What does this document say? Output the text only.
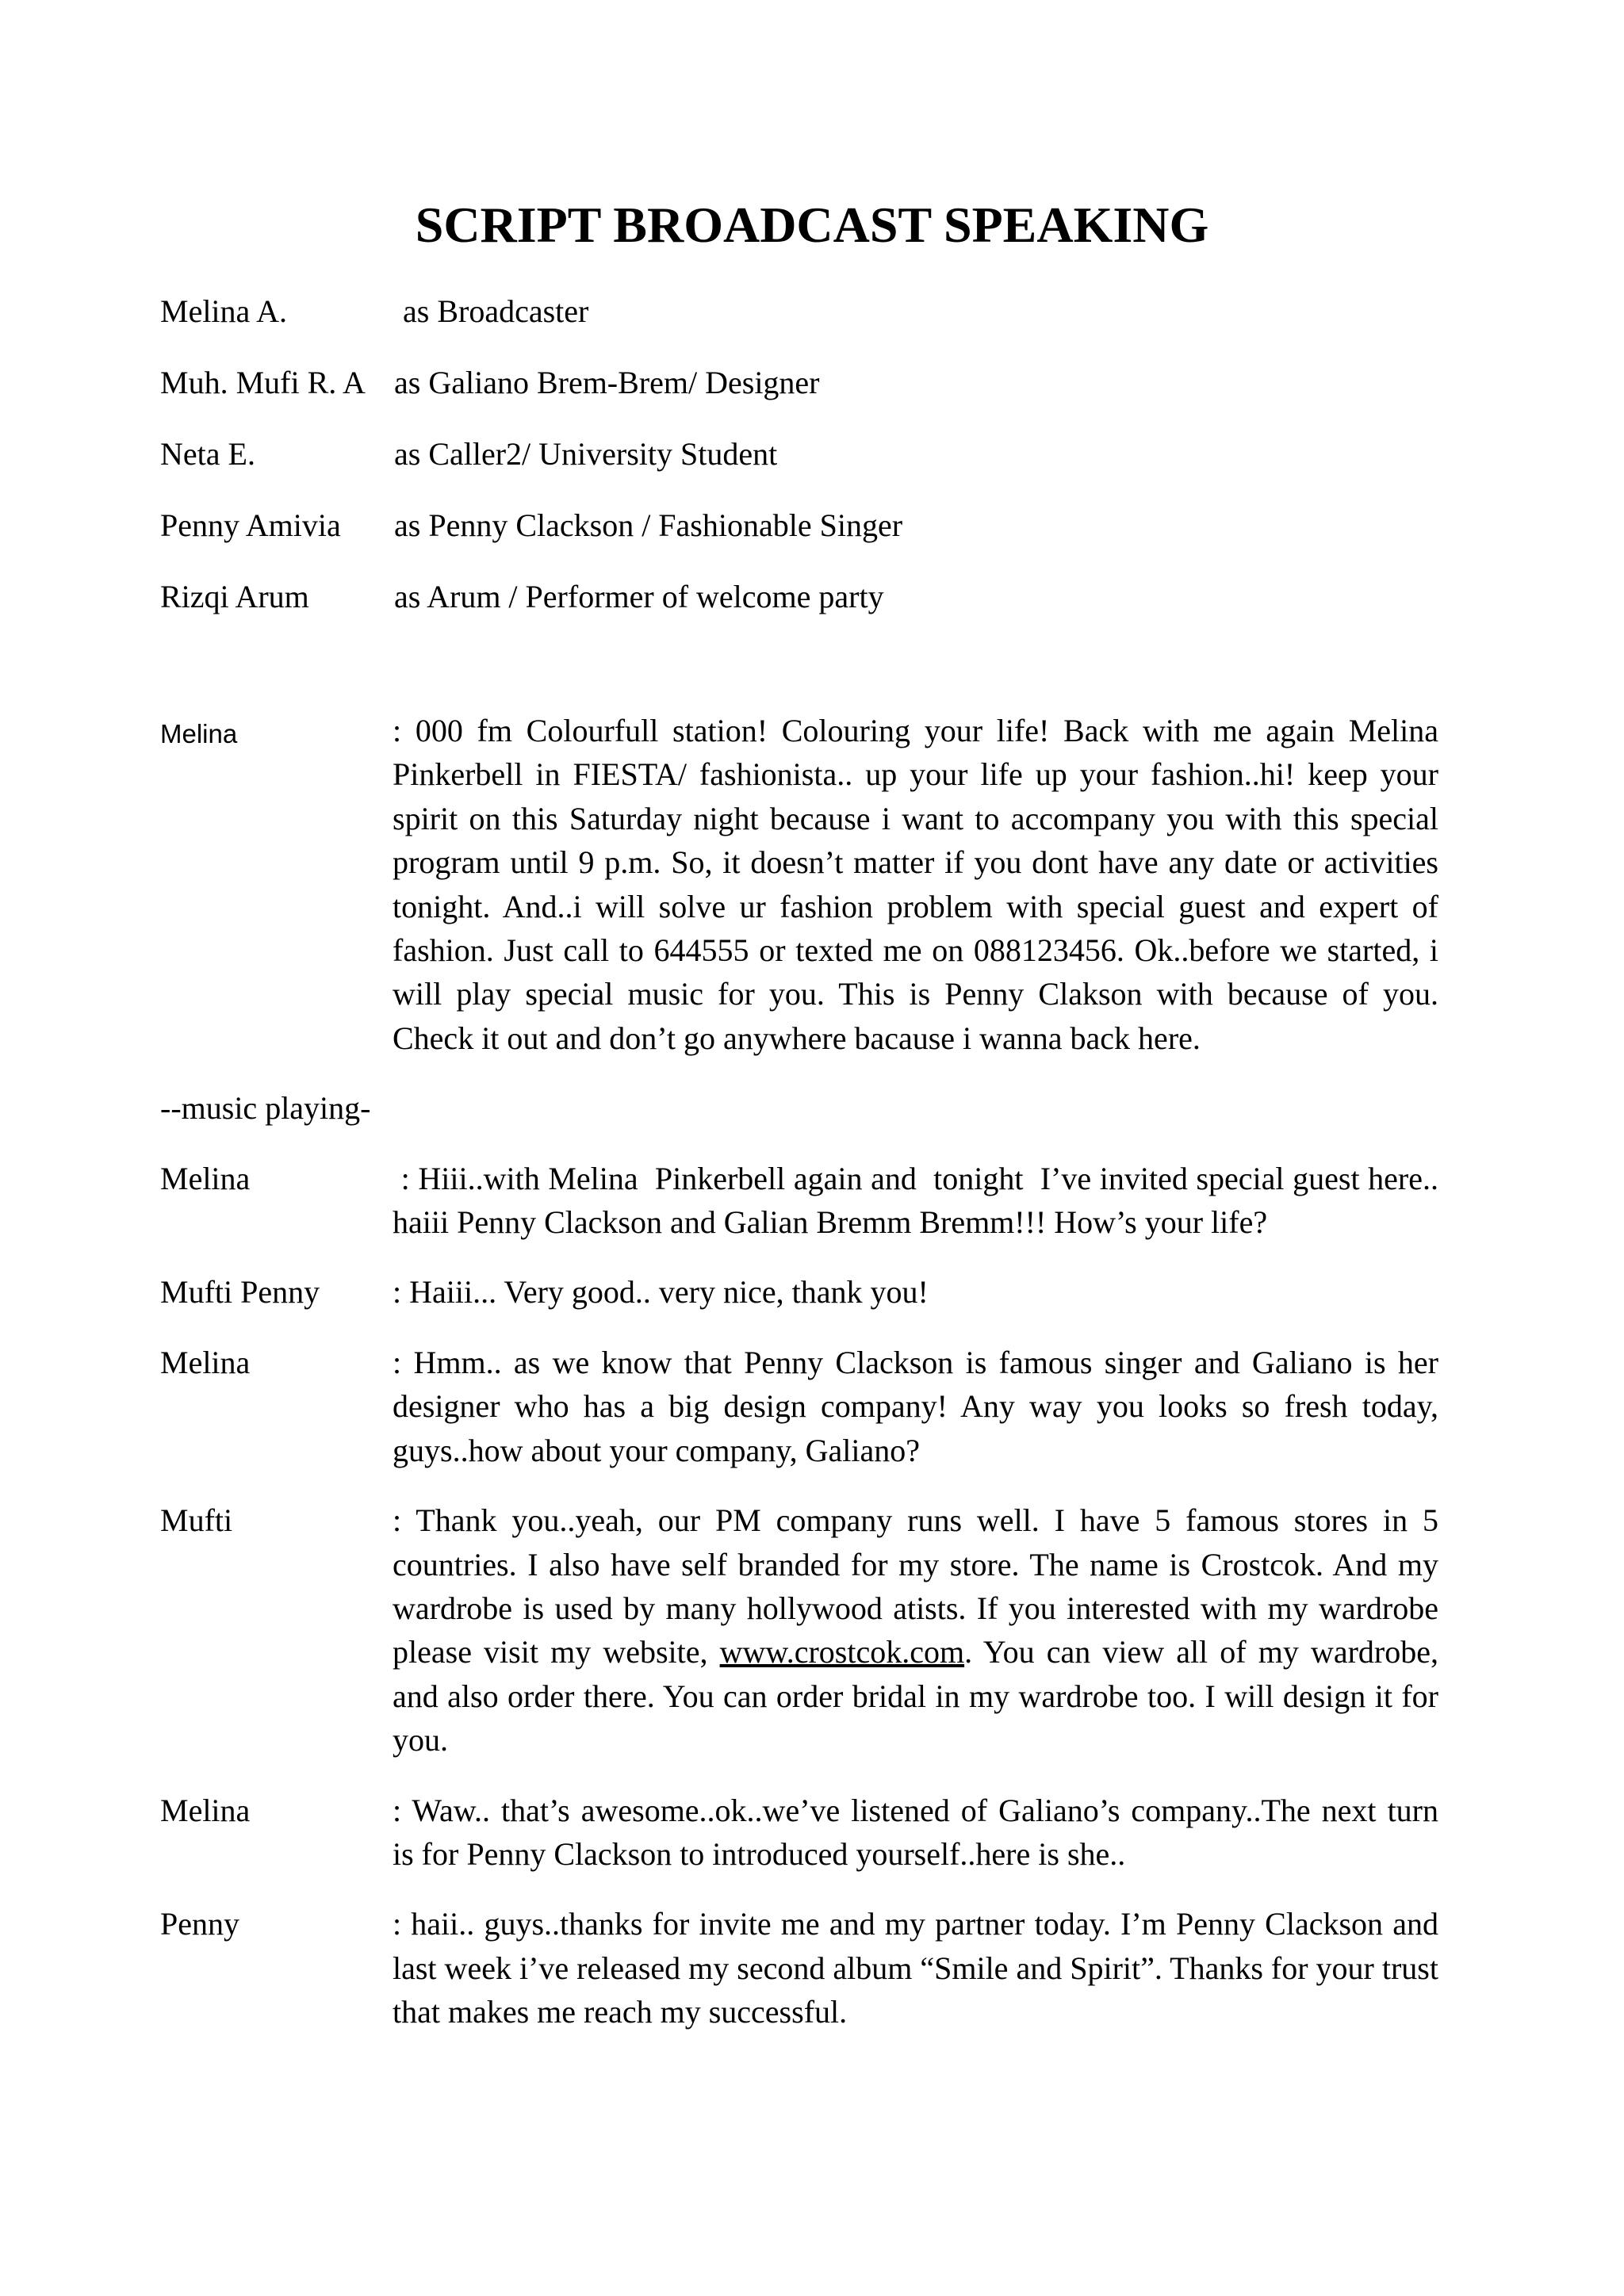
SCRIPT BROADCAST SPEAKING
Melina A.	as Broadcaster
Muh. Mufi R. A as Galiano Brem-Brem/ Designer
Neta E.	as Caller2/ University Student
Penny Amivia as Penny Clackson / Fashionable Singer
Rizqi Arum	as Arum / Performer of welcome party
Melina	: 000 fm Colourfull station! Colouring your life! Back with me again Melina Pinkerbell in FIESTA/ fashionista.. up your life up your fashion..hi! keep your spirit on this Saturday night because i want to accompany you with this special program until 9 p.m. So, it doesn’t matter if you dont have any date or activities tonight. And..i will solve ur fashion problem with special guest and expert of fashion. Just call to 644555 or texted me on 088123456. Ok..before we started, i will play special music for you. This is Penny Clakson with because of you. Check it out and don’t go anywhere bacause i wanna back here.
--music playing-
Melina	: Hiii..with Melina  Pinkerbell again and  tonight  I’ve invited special guest here.. haiii Penny Clackson and Galian Bremm Bremm!!! How’s your life?
Mufti Penny : Haiii... Very good.. very nice, thank you!
Melina	: Hmm.. as we know that Penny Clackson is famous singer and Galiano is her designer who has a big design company! Any way you looks so fresh today, guys..how about your company, Galiano?
Mufti	: Thank you..yeah, our PM company runs well. I have 5 famous stores in 5 countries. I also have self branded for my store. The name is Crostcok. And my wardrobe is used by many hollywood atists. If you interested with my wardrobe please visit my website, www.crostcok.com. You can view all of my wardrobe, and also order there. You can order bridal in my wardrobe too. I will design it for you.
Melina	: Waw.. that’s awesome..ok..we’ve listened of Galiano’s company..The next turn is for Penny Clackson to introduced yourself..here is she..
Penny	: haii.. guys..thanks for invite me and my partner today. I’m Penny Clackson and last week i’ve released my second album “Smile and Spirit”. Thanks for your trust that makes me reach my successful.
